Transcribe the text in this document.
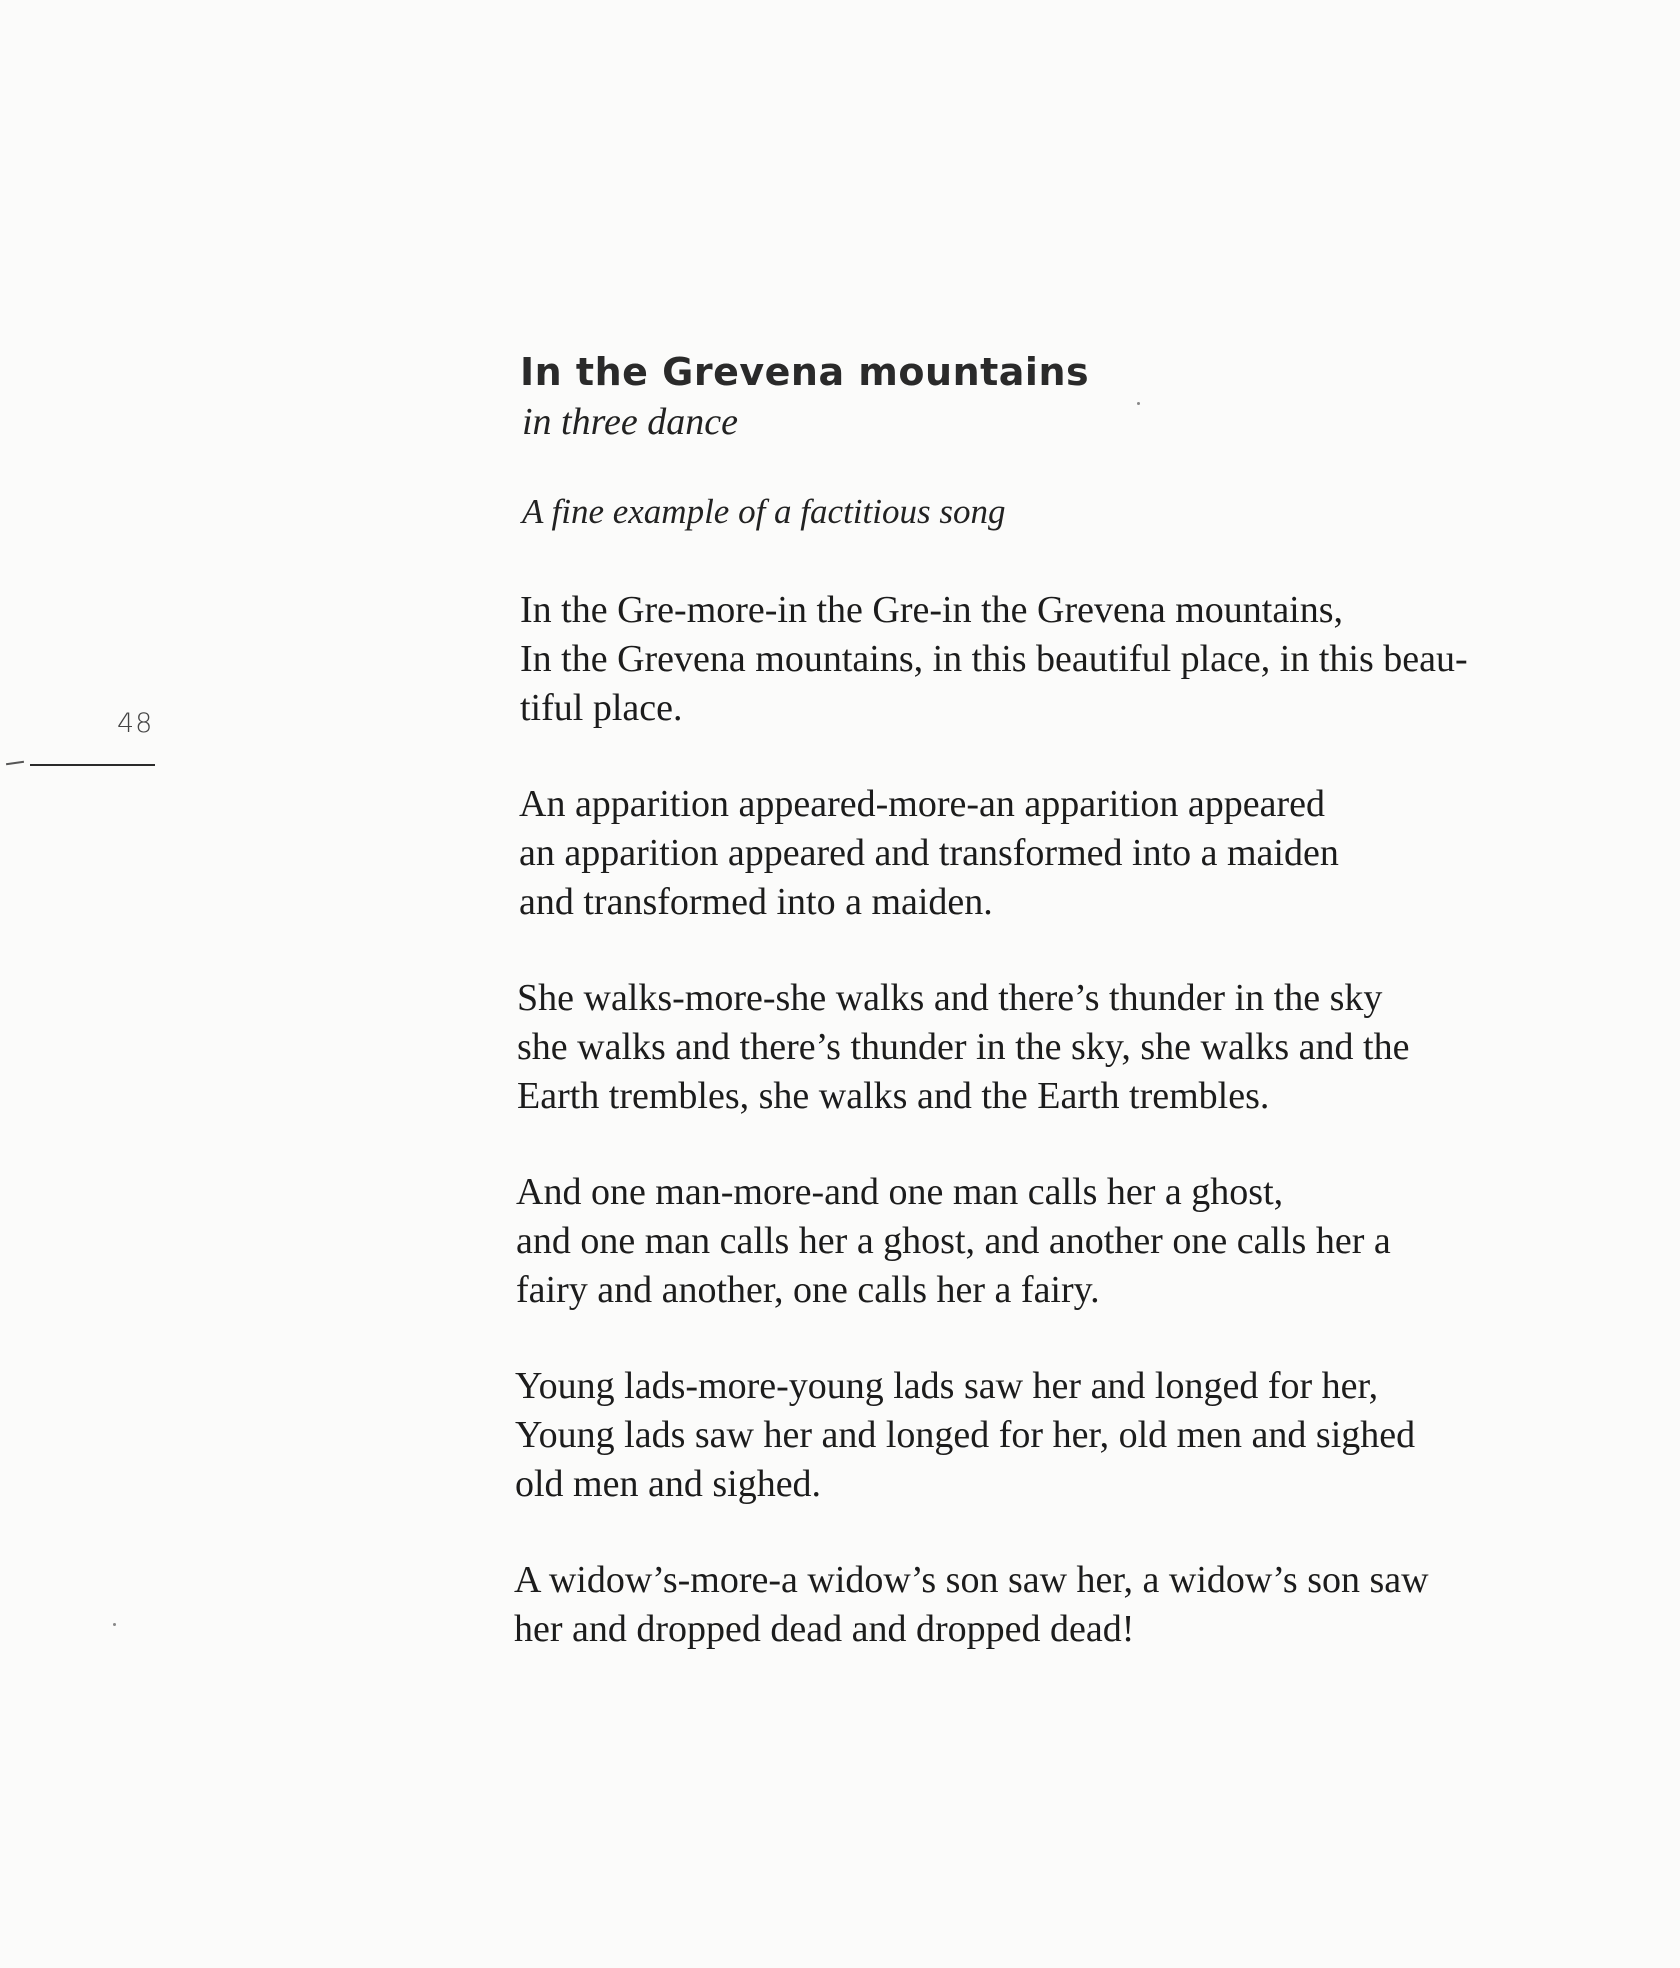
48
In the Grevena mountains

in three dance

A fine example of a factitious song

In the Gre-more-in the Gre-in the Grevena mountains,
In the Grevena mountains, in this beautiful place, in this beau-
tiful place.

An apparition appeared-more-an apparition appeared
an apparition appeared and transformed into a maiden
and transformed into a maiden.

She walks-more-she walks and there’s thunder in the sky
she walks and there’s thunder in the sky, she walks and the
Earth trembles, she walks and the Earth trembles.

And one man-more-and one man calls her a ghost,
and one man calls her a ghost, and another one calls her a
fairy and another, one calls her a fairy.

Young lads-more-young lads saw her and longed for her,
Young lads saw her and longed for her, old men and sighed
old men and sighed.

A widow’s-more-a widow’s son saw her, a widow’s son saw
her and dropped dead and dropped dead!
